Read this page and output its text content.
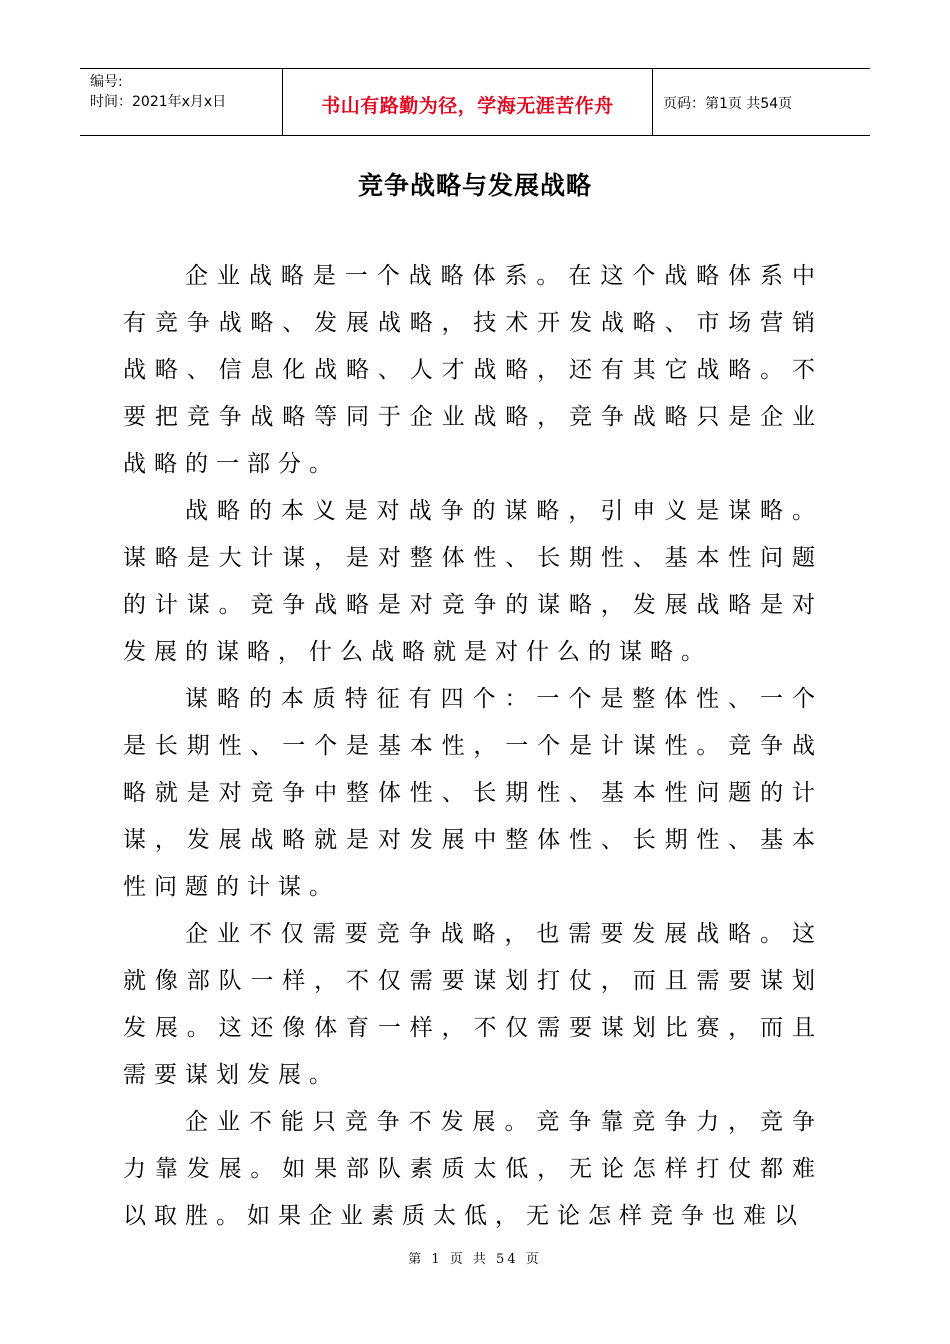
编号:
时间：2021年x月x日	书山有路勤为径，学海无涯苦作舟	页码：第1页 共54页
竞争战略与发展战略

企业战略是一个战略体系。在这个战略体系中有竞争战略、发展战略，技术开发战略、市场营销战略、信息化战略、人才战略，还有其它战略。不要把竞争战略等同于企业战略，竞争战略只是企业战略的一部分。

战略的本义是对战争的谋略，引申义是谋略。谋略是大计谋，是对整体性、长期性、基本性问题的计谋。竞争战略是对竞争的谋略，发展战略是对发展的谋略，什么战略就是对什么的谋略。

谋略的本质特征有四个：一个是整体性、一个是长期性、一个是基本性，一个是计谋性。竞争战略就是对竞争中整体性、长期性、基本性问题的计谋，发展战略就是对发展中整体性、长期性、基本性问题的计谋。

企业不仅需要竞争战略，也需要发展战略。这就像部队一样，不仅需要谋划打仗，而且需要谋划发展。这还像体育一样，不仅需要谋划比赛，而且需要谋划发展。

企业不能只竞争不发展。竞争靠竞争力，竞争力靠发展。如果部队素质太低，无论怎样打仗都难以取胜。如果企业素质太低，无论怎样竞争也难以

第 1 页 共 54 页
